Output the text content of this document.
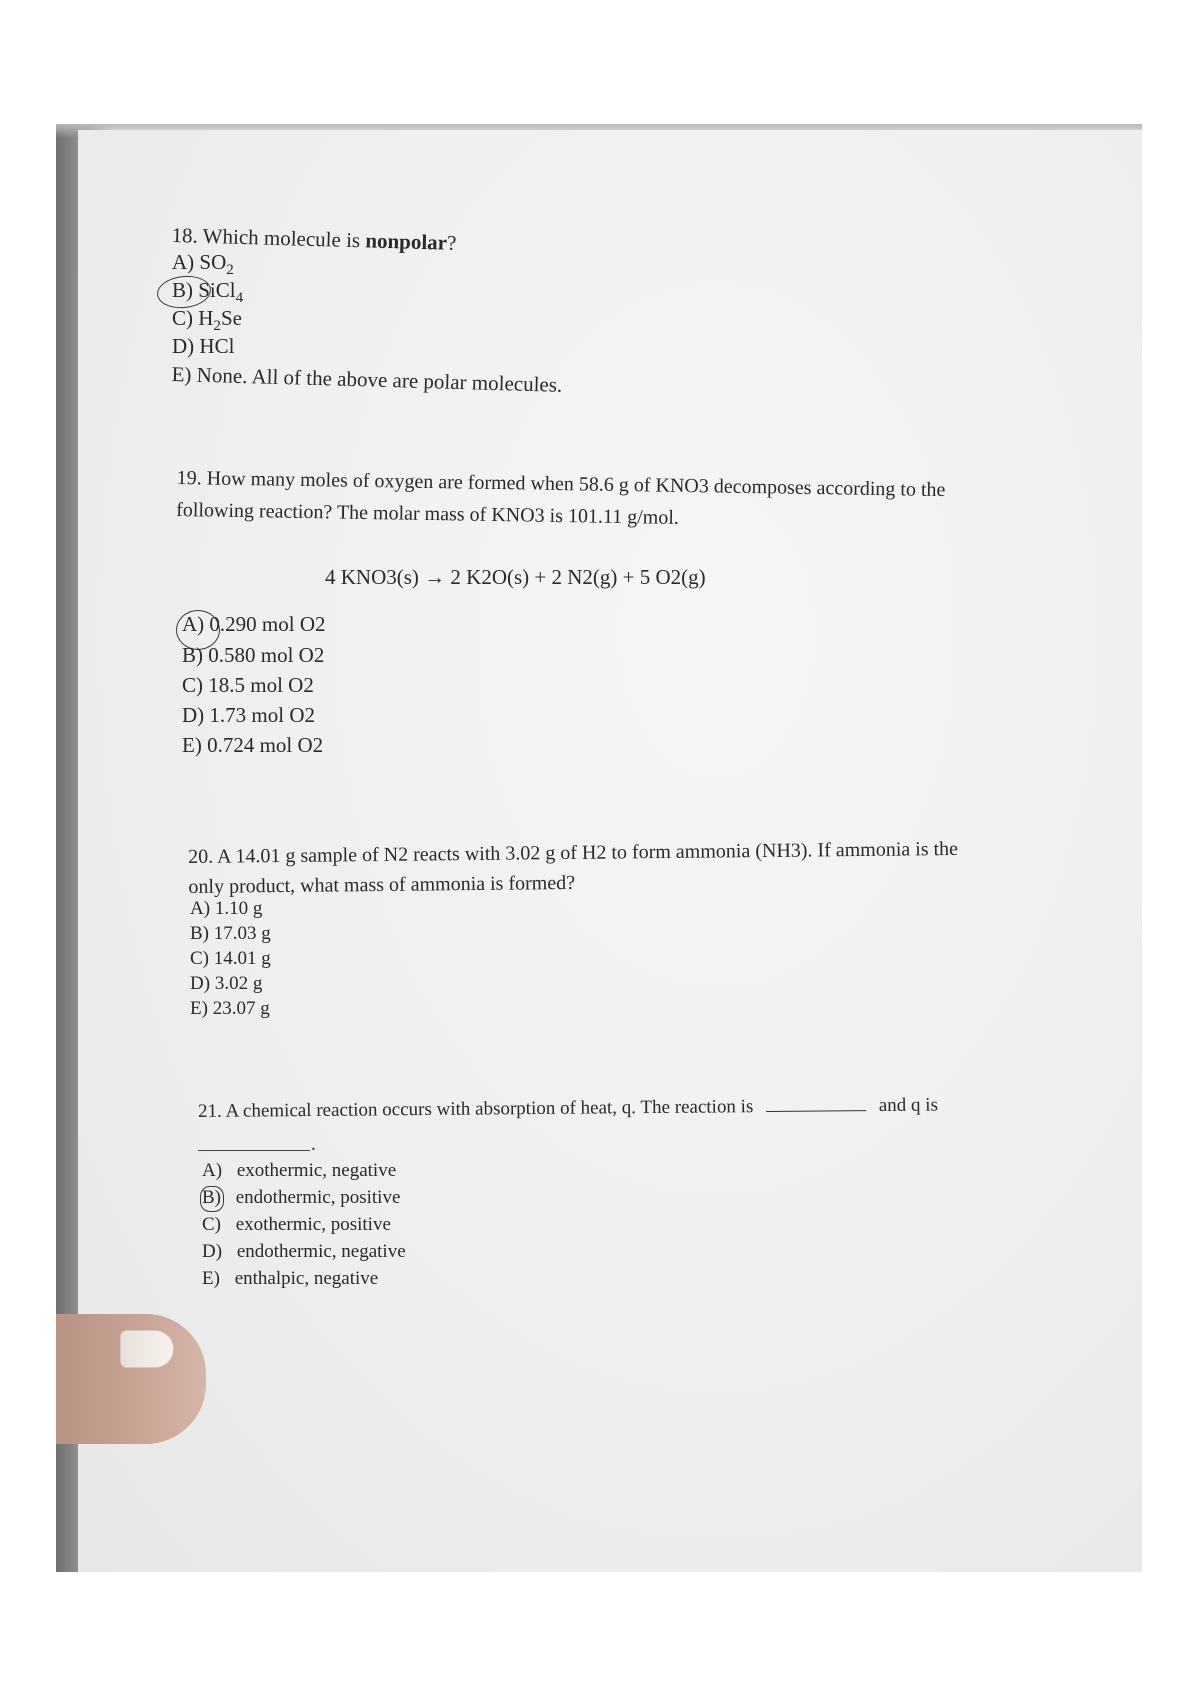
18. Which molecule is nonpolar?
A) $SO_2$
B) SiCl$_4$
C) $H_2Se$
D) HCl
E) None. All of the above are polar molecules.
19. How many moles of oxygen are formed when 58.6 g of KNO3 decomposes according to the
following reaction? The molar mass of KNO3 is 101.11 g/mol.
4 KNO3(s) → 2 K2O(s) + 2 N2(g) + 5 O2(g)
A) 0.290 mol O2
B) 0.580 mol O2
C) 18.5 mol O2
D) 1.73 mol O2
E) 0.724 mol O2
20. A 14.01 g sample of N2 reacts with 3.02 g of H2 to form ammonia (NH3). If ammonia is the
only product, what mass of ammonia is formed?
A) 1.10 g
B) 17.03 g
C) 14.01 g
D) 3.02 g
E) 23.07 g
21. A chemical reaction occurs with absorption of heat, q. The reaction is	and q is
.
A) exothermic, negative
B) endothermic, positive
C) exothermic, positive
D) endothermic, negative
E) enthalpic, negative
